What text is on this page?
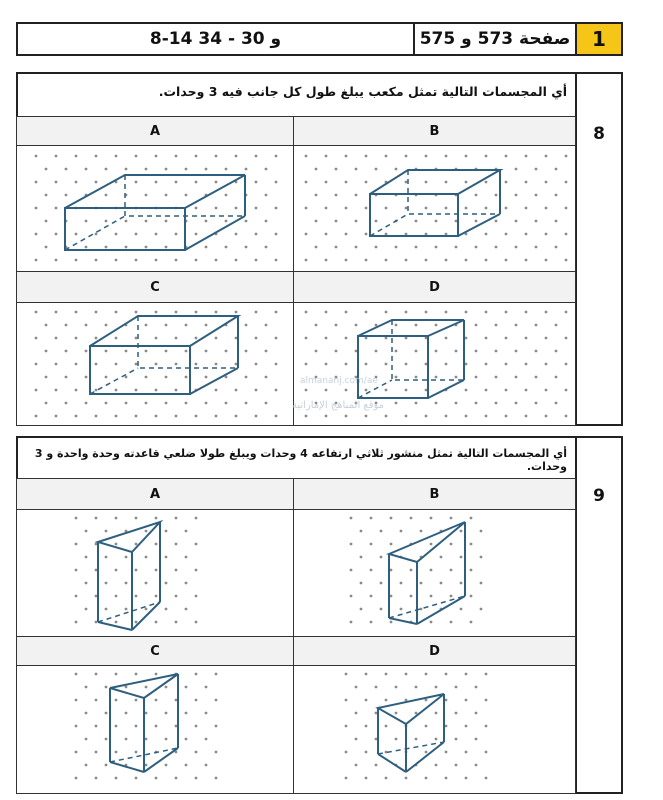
1
صفحة 573 و 575
8-14 و 30 - 34
8
أي المجسمات التالية تمثل مكعب يبلغ طول كل جانب فيه 3 وحدات.
A	B
C	D
almanahj.com/ae
موقع المناهج الإماراتية
9
أي المجسمات التالية تمثل منشور ثلاثي ارتفاعه 4 وحدات ويبلغ طولا ضلعي قاعدته وحدة واحدة و 3 وحدات.
A	B
C	D
